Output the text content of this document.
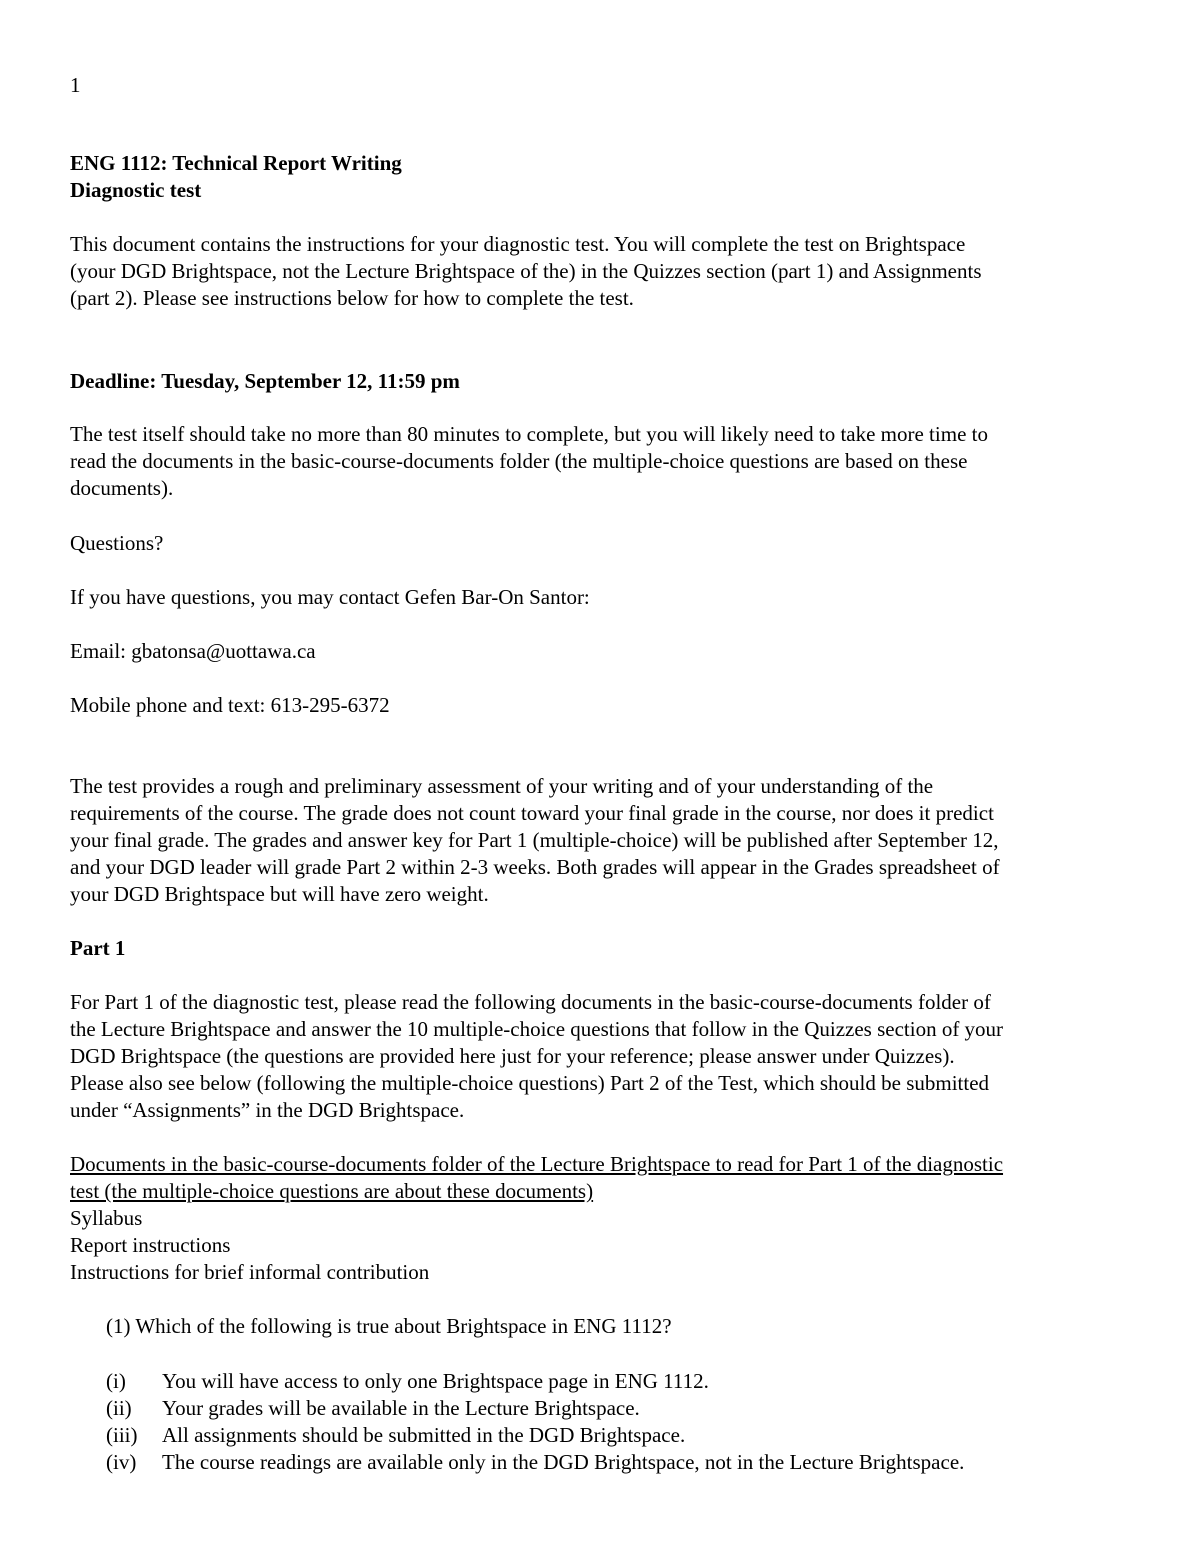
1
ENG 1112: Technical Report Writing
Diagnostic test
This document contains the instructions for your diagnostic test. You will complete the test on Brightspace
(your DGD Brightspace, not the Lecture Brightspace of the) in the Quizzes section (part 1) and Assignments
(part 2). Please see instructions below for how to complete the test.
Deadline: Tuesday, September 12, 11:59 pm
The test itself should take no more than 80 minutes to complete, but you will likely need to take more time to
read the documents in the basic-course-documents folder (the multiple-choice questions are based on these
documents).
Questions?
If you have questions, you may contact Gefen Bar-On Santor:
Email: gbatonsa@uottawa.ca
Mobile phone and text: 613-295-6372
The test provides a rough and preliminary assessment of your writing and of your understanding of the
requirements of the course. The grade does not count toward your final grade in the course, nor does it predict
your final grade. The grades and answer key for Part 1 (multiple-choice) will be published after September 12,
and your DGD leader will grade Part 2 within 2-3 weeks. Both grades will appear in the Grades spreadsheet of
your DGD Brightspace but will have zero weight.
Part 1
For Part 1 of the diagnostic test, please read the following documents in the basic-course-documents folder of
the Lecture Brightspace and answer the 10 multiple-choice questions that follow in the Quizzes section of your
DGD Brightspace (the questions are provided here just for your reference; please answer under Quizzes).
Please also see below (following the multiple-choice questions) Part 2 of the Test, which should be submitted
under “Assignments” in the DGD Brightspace.
Documents in the basic-course-documents folder of the Lecture Brightspace to read for Part 1 of the diagnostic
test (the multiple-choice questions are about these documents)
Syllabus
Report instructions
Instructions for brief informal contribution
(1) Which of the following is true about Brightspace in ENG 1112?
(i) You will have access to only one Brightspace page in ENG 1112.
(ii) Your grades will be available in the Lecture Brightspace.
(iii) All assignments should be submitted in the DGD Brightspace.
(iv) The course readings are available only in the DGD Brightspace, not in the Lecture Brightspace.
